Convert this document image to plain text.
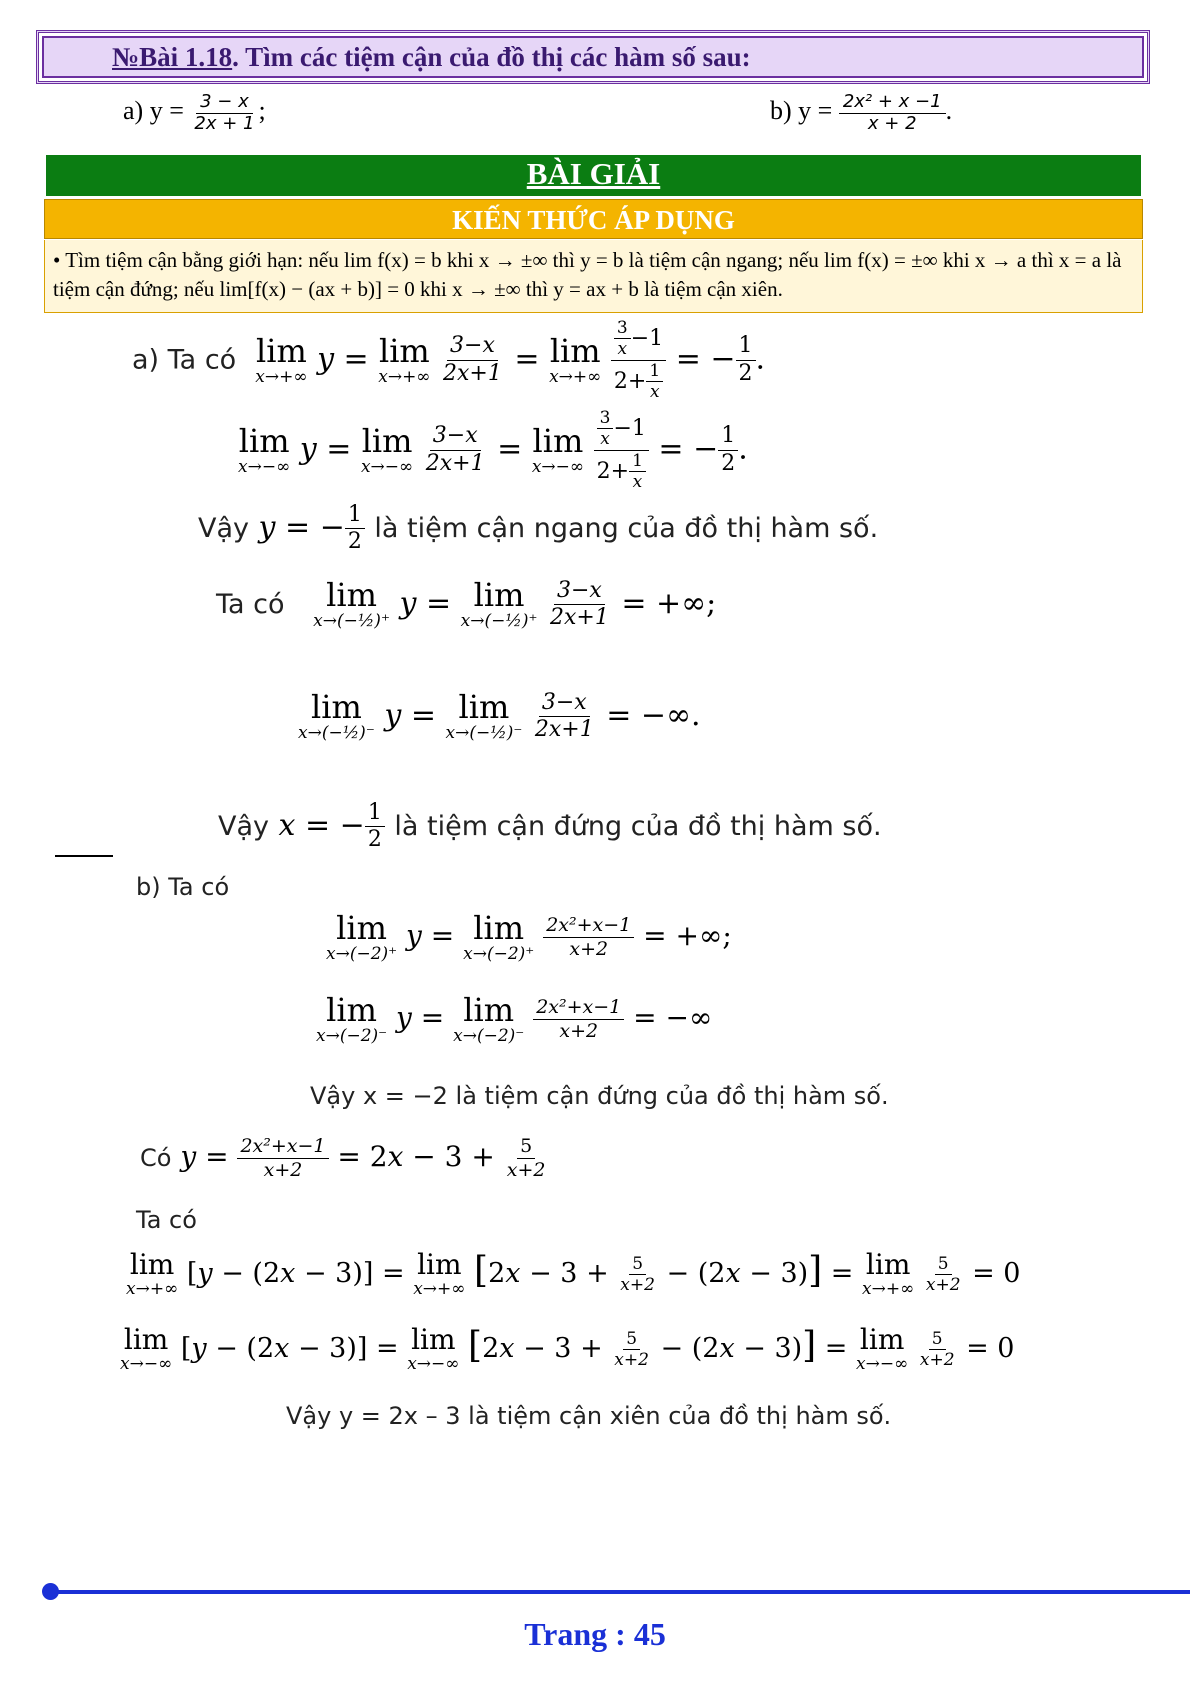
№Bài 1.18. Tìm các tiệm cận của đồ thị các hàm số sau:
a) $y = \frac{3 - x}{2x + 1}$ ;	b) $y = \frac{\text{2x² + x −1}}{x + 2}$ .
BÀI GIẢI
KIẾN THỨC ÁP DỤNG
• Tìm tiệm cận bằng giới hạn: nếu lim f(x) = b khi x → ±∞ thì y = b là tiệm cận ngang; nếu lim f(x) = ±∞ khi x → a thì x = a là tiệm cận đứng; nếu lim[f(x) − (ax + b)] = 0 khi x → ±∞ thì y = ax + b là tiệm cận xiên.
a) Ta có lim
x→+∞
y = lim
x→+∞
$\frac{3-x}{2x+1} = \lim$
x→+∞
$\frac{\frac{3}{x} -1}{2+ \frac{1}{x}}$ = − $\frac{1}{2}$ .
lim
x→−∞
y = lim
x→−∞
$\frac{3-x}{2x+1} = \lim$
x→−∞
$\frac{\frac{3}{x} -1}{2+ \frac{1}{x}}$ = − $\frac{1}{2}$ .
Vậy y = − $\frac{1}{2}$ là tiệm cận ngang của đồ thị hàm số.
Ta có lim
x→(−½)⁺
y = lim
x→(−½)⁺
$\frac{3-x}{2x+1}$ = +∞;
lim
x→(−½)⁻
y = lim
x→(−½)⁻
$\frac{3-x}{2x+1}$ = −∞.
Vậy x = − $\frac{1}{2}$ là tiệm cận đứng của đồ thị hàm số.
b) Ta có
lim
x→(−2)⁺
y = lim
x→(−2)⁺
$\frac{\text{2x²+x−1}}{x+2}$ = +∞;
lim
x→(−2)⁻
y = lim
x→(−2)⁻
$\frac{\text{2x²+x−1}}{x+2}$ = −∞
Vậy x = −2 là tiệm cận đứng của đồ thị hàm số.
Có $y = \frac{\text{2x²+x−1}}{x+2} = 2x - 3 + \frac{5}{x+2}$
Ta có
lim
x→+∞ [y − (2x − 3)] = lim
x→+∞ $[2x - 3 + \frac{5}{x+2} - (2x - 3)] = \lim$
x→+∞
$\frac{5}{x+2} = 0$
lim
x→−∞ [y − (2x − 3)] = lim
x→−∞ $[2x - 3 + \frac{5}{x+2} - (2x - 3)] = \lim$
x→−∞
$\frac{5}{x+2} = 0$
Vậy y = 2x – 3 là tiệm cận xiên của đồ thị hàm số.
Trang : 45
